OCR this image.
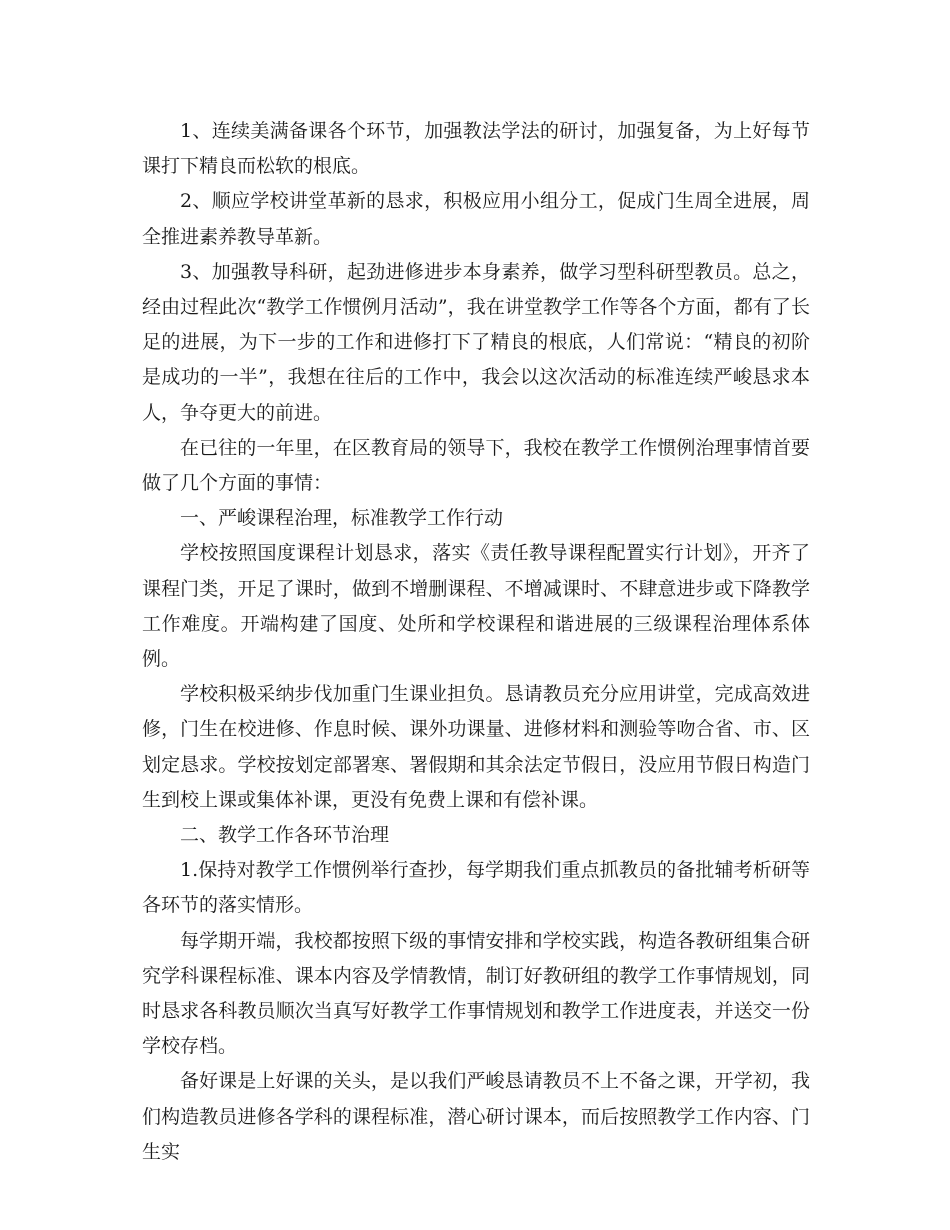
1、连续美满备课各个环节，加强教法学法的研讨，加强复备，为上好每节课打下精良而松软的根底。

2、顺应学校讲堂革新的恳求，积极应用小组分工，促成门生周全进展，周全推进素养教导革新。

3、加强教导科研，起劲进修进步本身素养，做学习型科研型教员。总之，经由过程此次“教学工作惯例月活动”，我在讲堂教学工作等各个方面，都有了长足的进展，为下一步的工作和进修打下了精良的根底，人们常说：“精良的初阶是成功的一半”，我想在往后的工作中，我会以这次活动的标准连续严峻恳求本人，争夺更大的前进。

在已往的一年里，在区教育局的领导下，我校在教学工作惯例治理事情首要做了几个方面的事情：

一、严峻课程治理，标准教学工作行动

学校按照国度课程计划恳求，落实《责任教导课程配置实行计划》，开齐了课程门类，开足了课时，做到不增删课程、不增减课时、不肆意进步或下降教学工作难度。开端构建了国度、处所和学校课程和谐进展的三级课程治理体系体例。

学校积极采纳步伐加重门生课业担负。恳请教员充分应用讲堂，完成高效进修，门生在校进修、作息时候、课外功课量、进修材料和测验等吻合省、市、区划定恳求。学校按划定部署寒、署假期和其余法定节假日，没应用节假日构造门生到校上课或集体补课，更没有免费上课和有偿补课。

二、教学工作各环节治理

1.保持对教学工作惯例举行查抄，每学期我们重点抓教员的备批辅考析研等各环节的落实情形。

每学期开端，我校都按照下级的事情安排和学校实践，构造各教研组集合研究学科课程标准、课本内容及学情教情，制订好教研组的教学工作事情规划，同时恳求各科教员顺次当真写好教学工作事情规划和教学工作进度表，并送交一份学校存档。

备好课是上好课的关头，是以我们严峻恳请教员不上不备之课，开学初，我们构造教员进修各学科的课程标准，潜心研讨课本，而后按照教学工作内容、门生实
